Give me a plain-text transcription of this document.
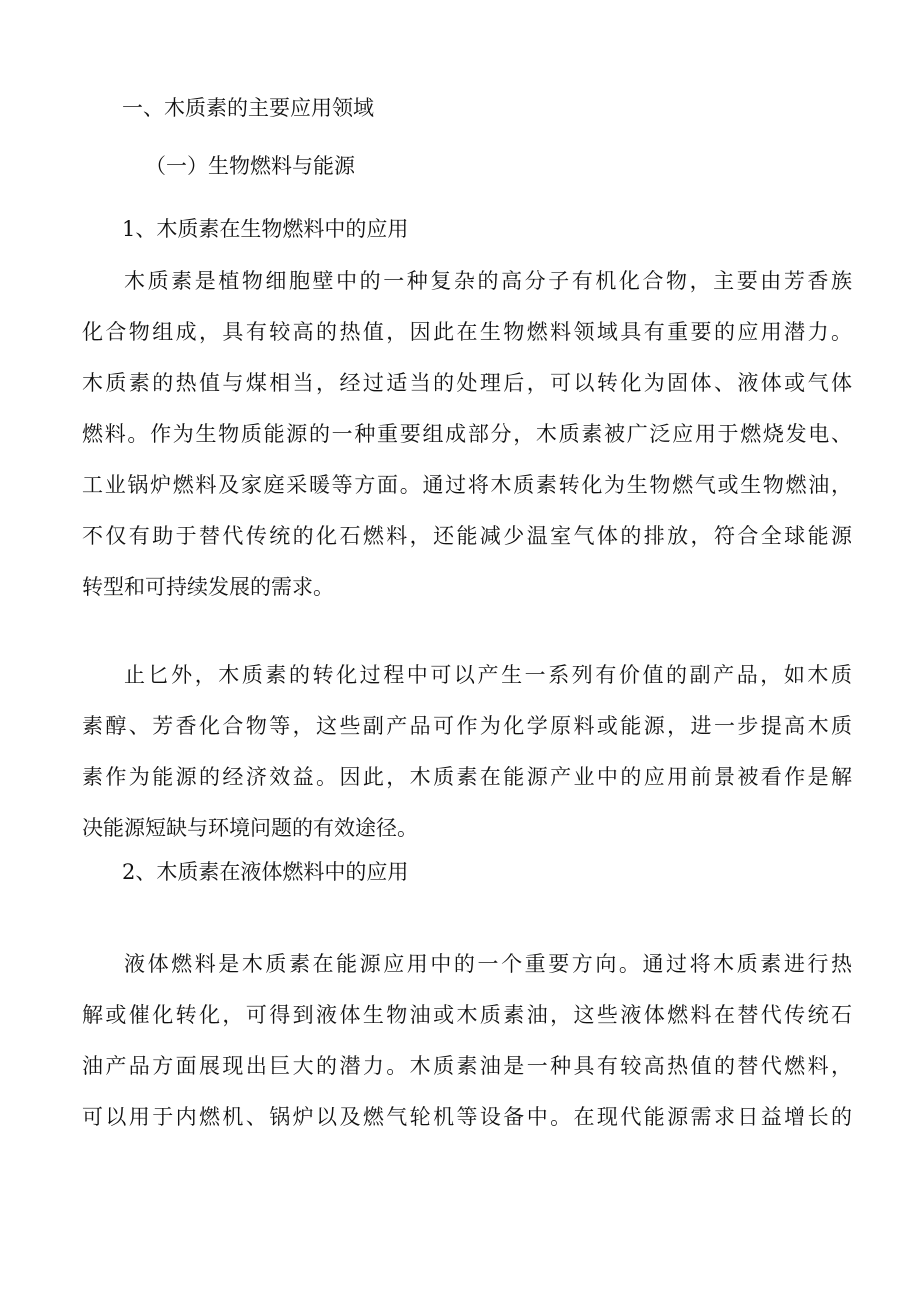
一、木质素的主要应用领域
（一）生物燃料与能源
1、木质素在生物燃料中的应用

木质素是植物细胞壁中的一种复杂的高分子有机化合物，主要由芳香族
化合物组成，具有较高的热值，因此在生物燃料领域具有重要的应用潜力。
木质素的热值与煤相当，经过适当的处理后，可以转化为固体、液体或气体
燃料。作为生物质能源的一种重要组成部分，木质素被广泛应用于燃烧发电、
工业锅炉燃料及家庭采暖等方面。通过将木质素转化为生物燃气或生物燃油，
不仅有助于替代传统的化石燃料，还能减少温室气体的排放，符合全球能源
转型和可持续发展的需求。

止匕外，木质素的转化过程中可以产生一系列有价值的副产品，如木质
素醇、芳香化合物等，这些副产品可作为化学原料或能源，进一步提高木质
素作为能源的经济效益。因此，木质素在能源产业中的应用前景被看作是解
决能源短缺与环境问题的有效途径。

2、木质素在液体燃料中的应用

液体燃料是木质素在能源应用中的一个重要方向。通过将木质素进行热
解或催化转化，可得到液体生物油或木质素油，这些液体燃料在替代传统石
油产品方面展现出巨大的潜力。木质素油是一种具有较高热值的替代燃料，
可以用于内燃机、锅炉以及燃气轮机等设备中。在现代能源需求日益增长的
